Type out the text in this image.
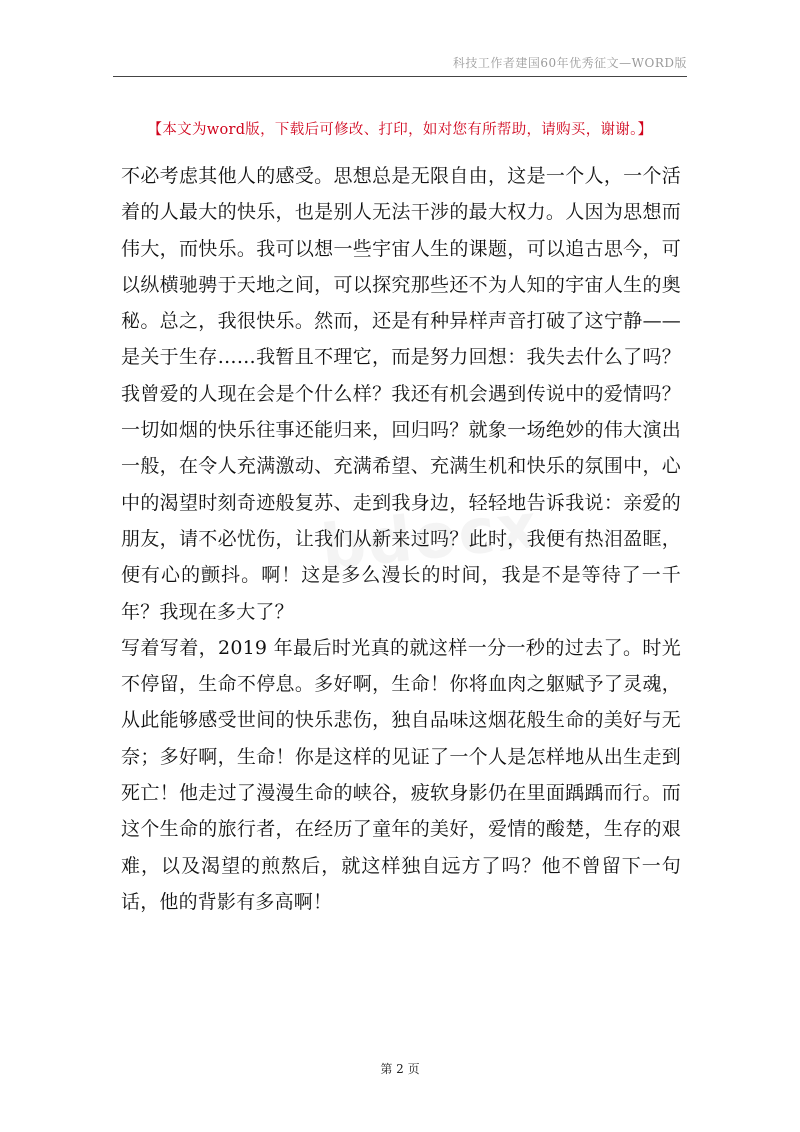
科技工作者建国60年优秀征文—WORD版
【本文为word版，下载后可修改、打印，如对您有所帮助，请购买，谢谢。】

不必考虑其他人的感受。思想总是无限自由，这是一个人，一个活着的人最大的快乐，也是别人无法干涉的最大权力。人因为思想而伟大，而快乐。我可以想一些宇宙人生的课题，可以追古思今，可以纵横驰骋于天地之间，可以探究那些还不为人知的宇宙人生的奥秘。总之，我很快乐。然而，还是有种异样声音打破了这宁静——是关于生存……我暂且不理它，而是努力回想：我失去什么了吗？我曾爱的人现在会是个什么样？我还有机会遇到传说中的爱情吗？一切如烟的快乐往事还能归来，回归吗？就象一场绝妙的伟大演出一般，在令人充满激动、充满希望、充满生机和快乐的氛围中，心中的渴望时刻奇迹般复苏、走到我身边，轻轻地告诉我说：亲爱的朋友，请不必忧伤，让我们从新来过吗？此时，我便有热泪盈眶，便有心的颤抖。啊！这是多么漫长的时间，我是不是等待了一千年？我现在多大了？

写着写着，2019 年最后时光真的就这样一分一秒的过去了。时光不停留，生命不停息。多好啊，生命！你将血肉之躯赋予了灵魂，从此能够感受世间的快乐悲伤，独自品味这烟花般生命的美好与无奈；多好啊，生命！你是这样的见证了一个人是怎样地从出生走到死亡！他走过了漫漫生命的峡谷，疲软身影仍在里面踽踽而行。而这个生命的旅行者，在经历了童年的美好，爱情的酸楚，生存的艰难，以及渴望的煎熬后，就这样独自远方了吗？他不曾留下一句话，他的背影有多高啊！

第 2 页
